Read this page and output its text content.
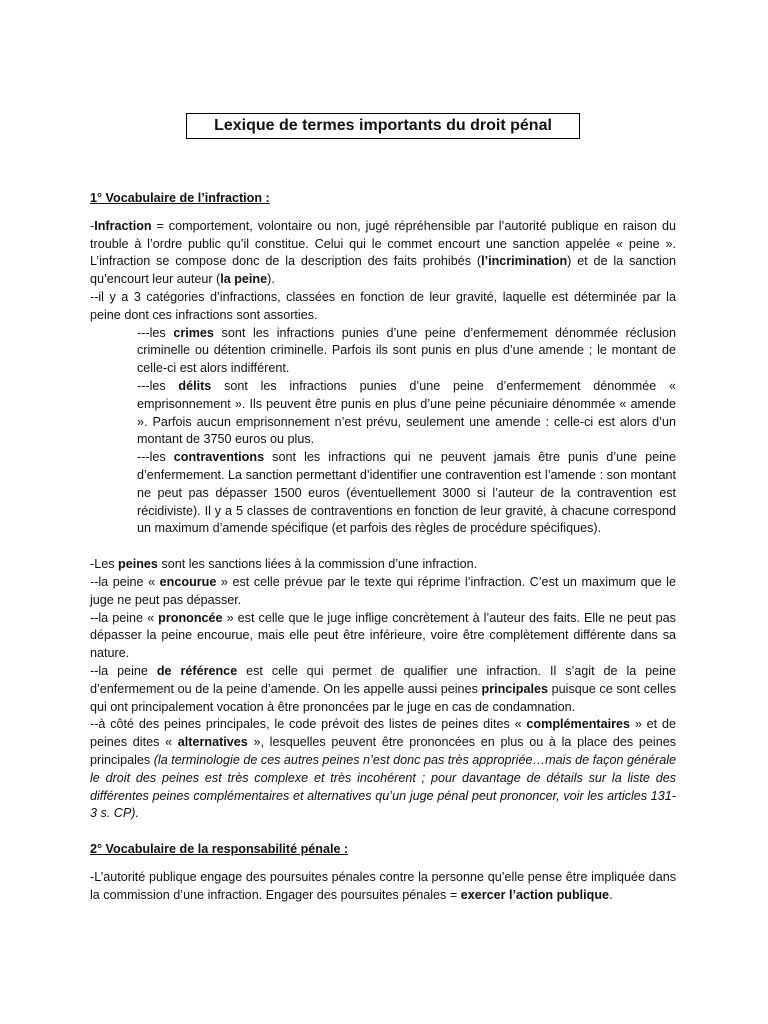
Lexique de termes importants du droit pénal

1° Vocabulaire de l’infraction :

-Infraction = comportement, volontaire ou non, jugé répréhensible par l’autorité publique en raison du trouble à l’ordre public qu’il constitue. Celui qui le commet encourt une sanction appelée « peine ». L’infraction se compose donc de la description des faits prohibés (l’incrimination) et de la sanction qu’encourt leur auteur (la peine).

--il y a 3 catégories d’infractions, classées en fonction de leur gravité, laquelle est déterminée par la peine dont ces infractions sont assorties.

---les crimes sont les infractions punies d’une peine d’enfermement dénommée réclusion criminelle ou détention criminelle. Parfois ils sont punis en plus d’une amende ; le montant de celle-ci est alors indifférent.

---les délits sont les infractions punies d’une peine d’enfermement dénommée « emprisonnement ». Ils peuvent être punis en plus d’une peine pécuniaire dénommée « amende ». Parfois aucun emprisonnement n’est prévu, seulement une amende : celle-ci est alors d’un montant de 3750 euros ou plus.

---les contraventions sont les infractions qui ne peuvent jamais être punis d’une peine d’enfermement. La sanction permettant d’identifier une contravention est l’amende : son montant ne peut pas dépasser 1500 euros (éventuellement 3000 si l’auteur de la contravention est récidiviste). Il y a 5 classes de contraventions en fonction de leur gravité, à chacune correspond un maximum d’amende spécifique (et parfois des règles de procédure spécifiques).

-Les peines sont les sanctions liées à la commission d’une infraction.

--la peine « encourue » est celle prévue par le texte qui réprime l’infraction. C’est un maximum que le juge ne peut pas dépasser.

--la peine « prononcée » est celle que le juge inflige concrètement à l’auteur des faits. Elle ne peut pas dépasser la peine encourue, mais elle peut être inférieure, voire être complètement différente dans sa nature.

--la peine de référence est celle qui permet de qualifier une infraction. Il s’agit de la peine d’enfermement ou de la peine d’amende. On les appelle aussi peines principales puisque ce sont celles qui ont principalement vocation à être prononcées par le juge en cas de condamnation.

--à côté des peines principales, le code prévoit des listes de peines dites « complémentaires » et de peines dites « alternatives », lesquelles peuvent être prononcées en plus ou à la place des peines principales (la terminologie de ces autres peines n’est donc pas très appropriée…mais de façon générale le droit des peines est très complexe et très incohérent ; pour davantage de détails sur la liste des différentes peines complémentaires et alternatives qu’un juge pénal peut prononcer, voir les articles 131-3 s. CP).

2° Vocabulaire de la responsabilité pénale :

-L’autorité publique engage des poursuites pénales contre la personne qu’elle pense être impliquée dans la commission d’une infraction. Engager des poursuites pénales = exercer l’action publique.
